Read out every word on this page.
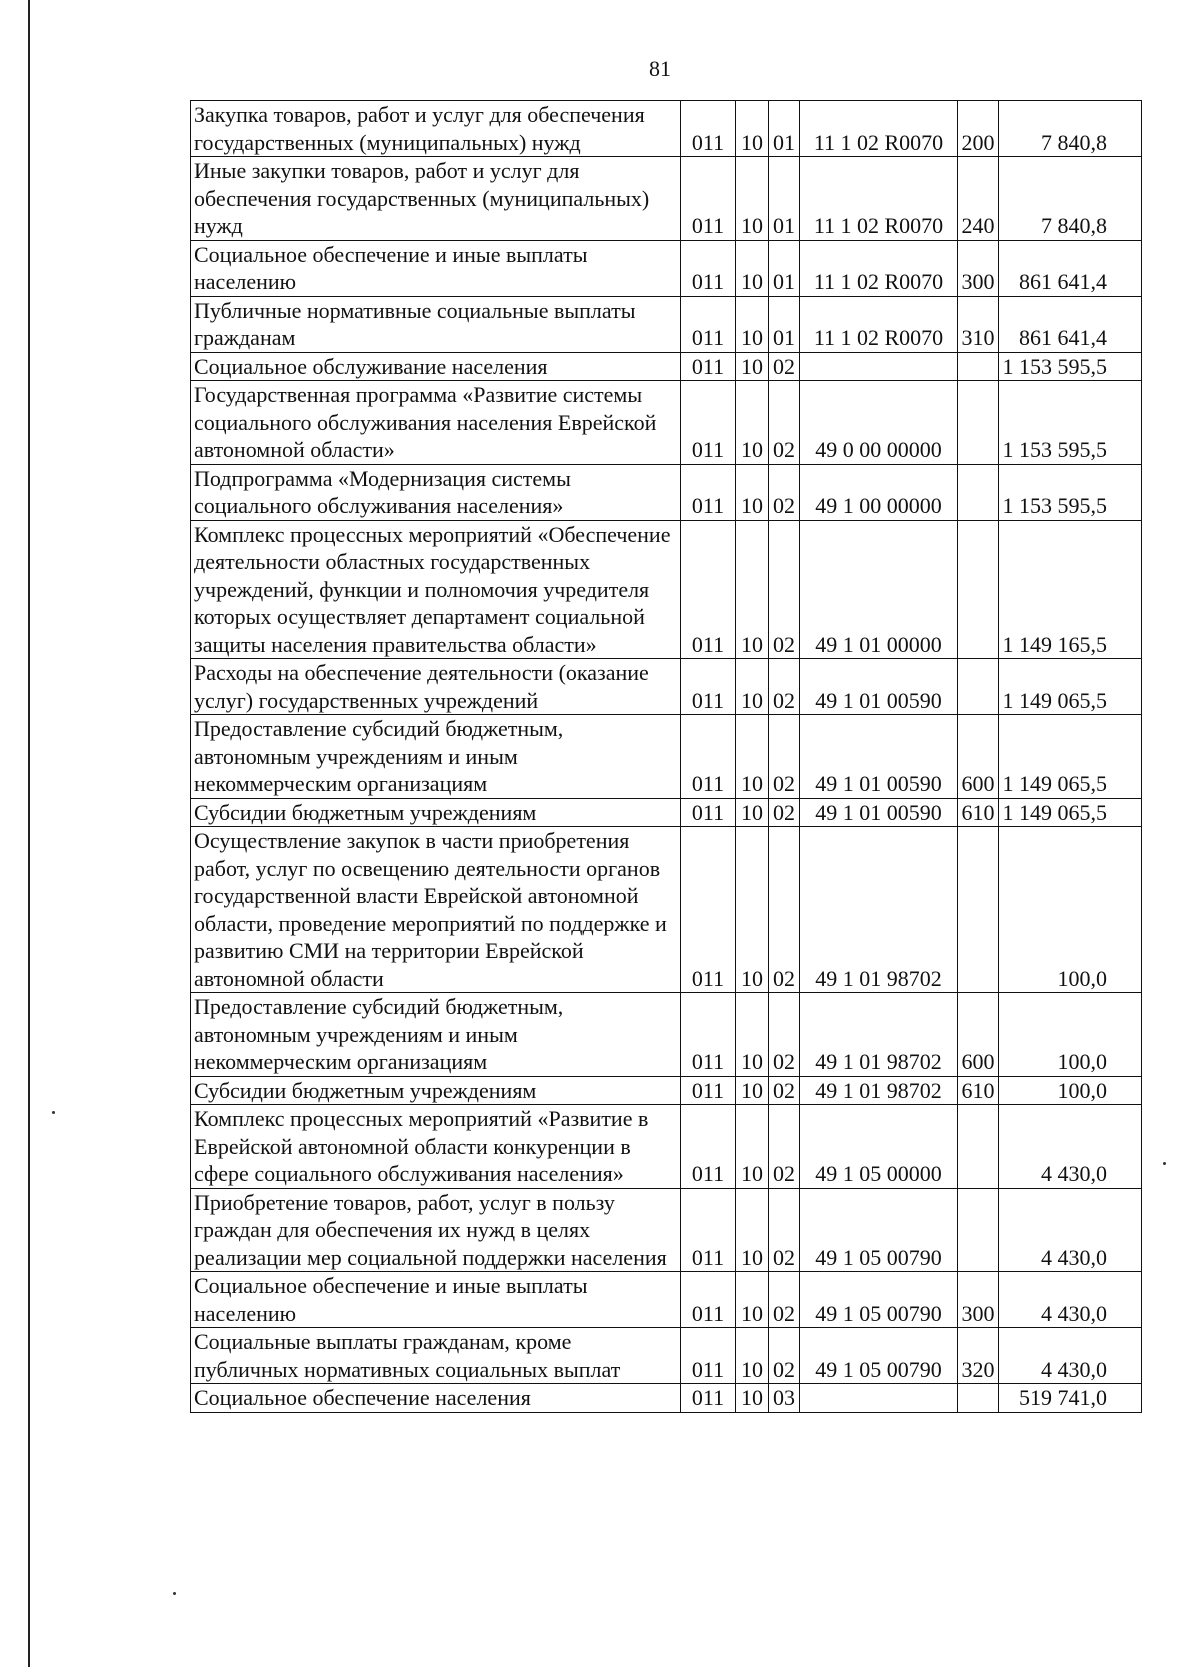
81
Закупка товаров, работ и услуг для обеспечения государственных (муниципальных) нужд	011	10	01	11 1 02 R0070	200	7 840,8
Иные закупки товаров, работ и услуг для обеспечения государственных (муниципальных) нужд	011	10	01	11 1 02 R0070	240	7 840,8
Социальное обеспечение и иные выплаты населению	011	10	01	11 1 02 R0070	300	861 641,4
Публичные нормативные социальные выплаты гражданам	011	10	01	11 1 02 R0070	310	861 641,4
Социальное обслуживание населения	011	10	02			1 153 595,5
Государственная программа «Развитие системы социального обслуживания населения Еврейской автономной области»	011	10	02	49 0 00 00000		1 153 595,5
Подпрограмма «Модернизация системы социального обслуживания населения»	011	10	02	49 1 00 00000		1 153 595,5
Комплекс процессных мероприятий «Обеспечение деятельности областных государственных учреждений, функции и полномочия учредителя которых осуществляет департамент социальной защиты населения правительства области»	011	10	02	49 1 01 00000		1 149 165,5
Расходы на обеспечение деятельности (оказание услуг) государственных учреждений	011	10	02	49 1 01 00590		1 149 065,5
Предоставление субсидий бюджетным, автономным учреждениям и иным некоммерческим организациям	011	10	02	49 1 01 00590	600	1 149 065,5
Субсидии бюджетным учреждениям	011	10	02	49 1 01 00590	610	1 149 065,5
Осуществление закупок в части приобретения работ, услуг по освещению деятельности органов государственной власти Еврейской автономной области, проведение мероприятий по поддержке и развитию СМИ на территории Еврейской автономной области	011	10	02	49 1 01 98702		100,0
Предоставление субсидий бюджетным, автономным учреждениям и иным некоммерческим организациям	011	10	02	49 1 01 98702	600	100,0
Субсидии бюджетным учреждениям	011	10	02	49 1 01 98702	610	100,0
Комплекс процессных мероприятий «Развитие в Еврейской автономной области конкуренции в сфере социального обслуживания населения»	011	10	02	49 1 05 00000		4 430,0
Приобретение товаров, работ, услуг в пользу граждан для обеспечения их нужд в целях реализации мер социальной поддержки населения	011	10	02	49 1 05 00790		4 430,0
Социальное обеспечение и иные выплаты населению	011	10	02	49 1 05 00790	300	4 430,0
Социальные выплаты гражданам, кроме публичных нормативных социальных выплат	011	10	02	49 1 05 00790	320	4 430,0
Социальное обеспечение населения	011	10	03			519 741,0
